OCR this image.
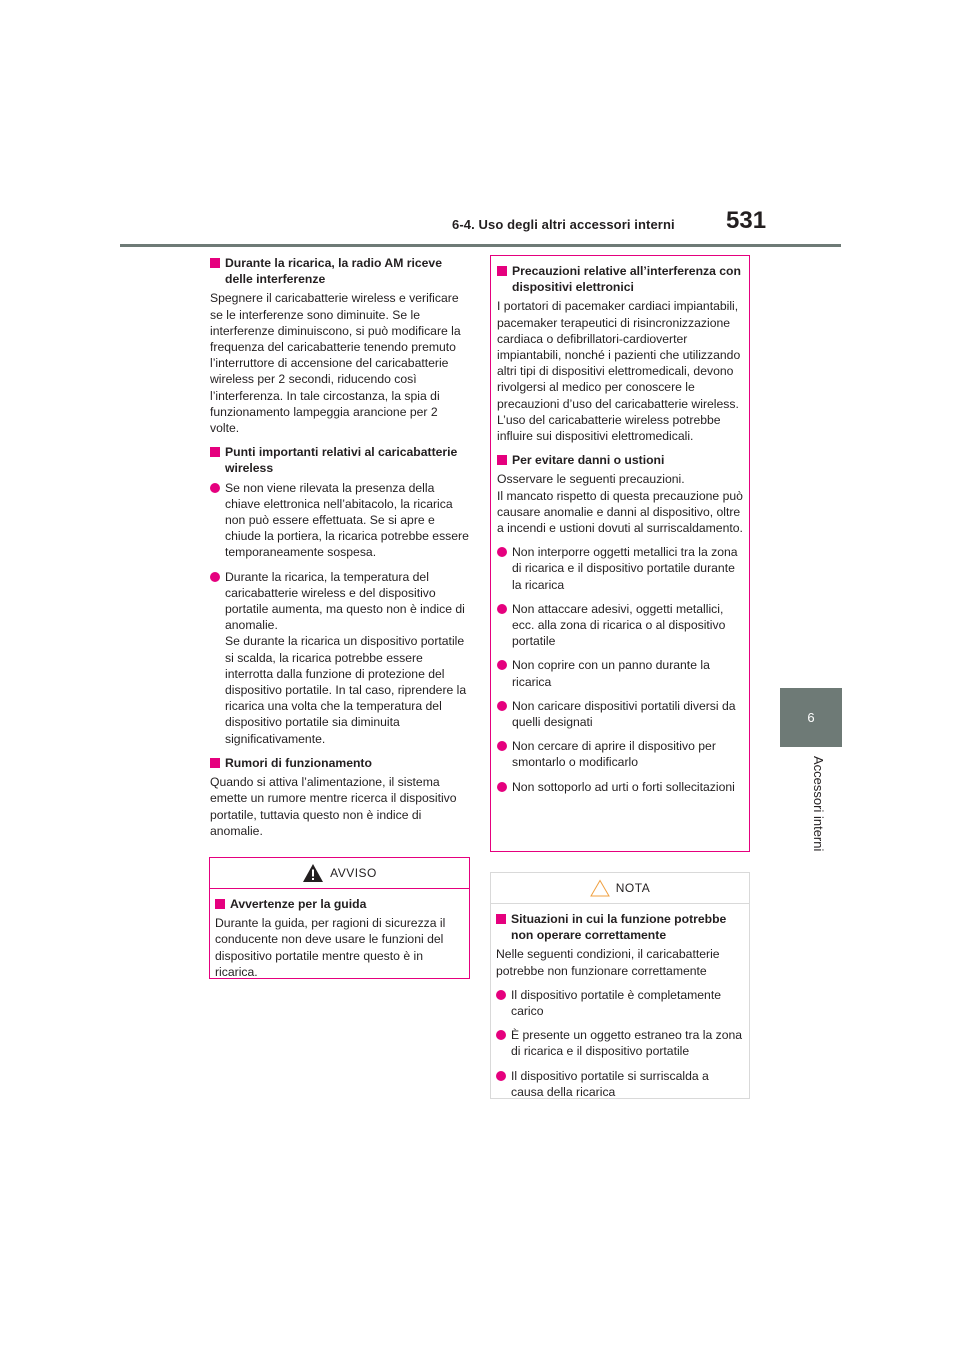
6-4. Uso degli altri accessori interni 531
6
Accessori interni
Durante la ricarica, la radio AM riceve delle interferenze
Spegnere il caricabatterie wireless e verificare se le interferenze sono diminuite. Se le interferenze diminuiscono, si può modificare la frequenza del caricabatterie tenendo premuto l’interruttore di accensione del caricabatterie wireless per 2 secondi, riducendo così l’interferenza. In tale circostanza, la spia di funzionamento lampeggia arancione per 2 volte.
Punti importanti relativi al caricabatterie wireless
Se non viene rilevata la presenza della chiave elettronica nell’abitacolo, la ricarica non può essere effettuata. Se si apre e chiude la portiera, la ricarica potrebbe essere temporaneamente sospesa.
Durante la ricarica, la temperatura del caricabatterie wireless e del dispositivo portatile aumenta, ma questo non è indice di anomalie.
Se durante la ricarica un dispositivo portatile si scalda, la ricarica potrebbe essere interrotta dalla funzione di protezione del dispositivo portatile. In tal caso, riprendere la ricarica una volta che la temperatura del dispositivo portatile sia diminuita significativamente.
Rumori di funzionamento
Quando si attiva l’alimentazione, il sistema emette un rumore mentre ricerca il dispositivo portatile, tuttavia questo non è indice di anomalie.
AVVISO
Avvertenze per la guida
Durante la guida, per ragioni di sicurezza il conducente non deve usare le funzioni del dispositivo portatile mentre questo è in ricarica.
Precauzioni relative all’interferenza con dispositivi elettronici
I portatori di pacemaker cardiaci impiantabili, pacemaker terapeutici di risincronizzazione cardiaca o defibrillatori-cardioverter impiantabili, nonché i pazienti che utilizzando altri tipi di dispositivi elettromedicali, devono rivolgersi al medico per conoscere le precauzioni d’uso del caricabatterie wireless. L’uso del caricabatterie wireless potrebbe influire sui dispositivi elettromedicali.
Per evitare danni o ustioni
Osservare le seguenti precauzioni.
Il mancato rispetto di questa precauzione può causare anomalie e danni al dispositivo, oltre a incendi e ustioni dovuti al surriscaldamento.
Non interporre oggetti metallici tra la zona di ricarica e il dispositivo portatile durante la ricarica
Non attaccare adesivi, oggetti metallici, ecc. alla zona di ricarica o al dispositivo portatile
Non coprire con un panno durante la ricarica
Non caricare dispositivi portatili diversi da quelli designati
Non cercare di aprire il dispositivo per smontarlo o modificarlo
Non sottoporlo ad urti o forti sollecitazioni
NOTA
Situazioni in cui la funzione potrebbe non operare correttamente
Nelle seguenti condizioni, il caricabatterie potrebbe non funzionare correttamente
Il dispositivo portatile è completamente carico
È presente un oggetto estraneo tra la zona di ricarica e il dispositivo portatile
Il dispositivo portatile si surriscalda a causa della ricarica
